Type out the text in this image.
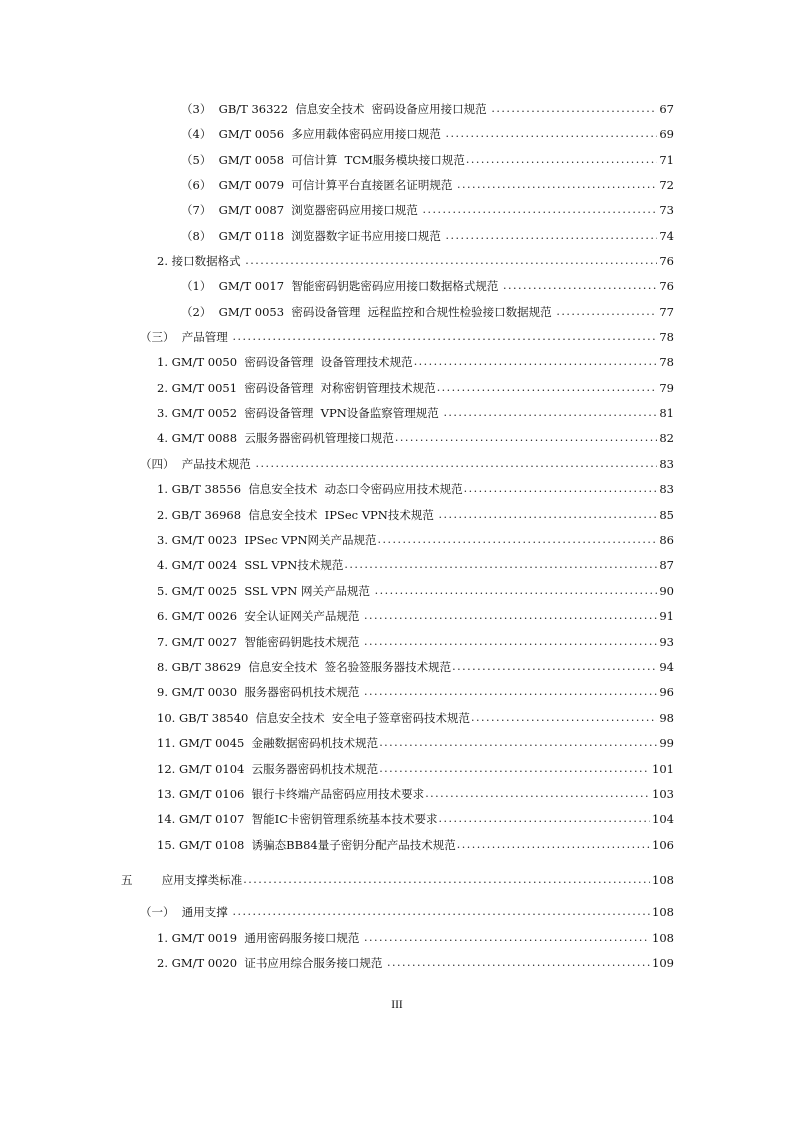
（3）  GB/T 36322  信息安全技术  密码设备应用接口规范 .....	67
（4）  GM/T 0056  多应用载体密码应用接口规范 .....	69
（5）  GM/T 0058  可信计算  TCM服务模块接口规范 .....	71
（6）  GM/T 0079  可信计算平台直接匿名证明规范 .....	72
（7）  GM/T 0087  浏览器密码应用接口规范 .....	73
（8）  GM/T 0118  浏览器数字证书应用接口规范 .....	74
2. 接口数据格式 .....	76
（1）  GM/T 0017  智能密码钥匙密码应用接口数据格式规范 .....	76
（2）  GM/T 0053  密码设备管理  远程监控和合规性检验接口数据规范 .....	77
（三）  产品管理 .....	78
1. GM/T 0050  密码设备管理  设备管理技术规范 .....	78
2. GM/T 0051  密码设备管理  对称密钥管理技术规范 .....	79
3. GM/T 0052  密码设备管理  VPN设备监察管理规范 .....	81
4. GM/T 0088  云服务器密码机管理接口规范 .....	82
（四）  产品技术规范 .....	83
1. GB/T 38556  信息安全技术  动态口令密码应用技术规范 .....	83
2. GB/T 36968  信息安全技术  IPSec VPN技术规范 .....	85
3. GM/T 0023  IPSec VPN网关产品规范 .....	86
4. GM/T 0024  SSL VPN技术规范 .....	87
5. GM/T 0025  SSL VPN 网关产品规范 .....	90
6. GM/T 0026  安全认证网关产品规范 .....	91
7. GM/T 0027  智能密码钥匙技术规范 .....	93
8. GB/T 38629  信息安全技术  签名验签服务器技术规范 .....	94
9. GM/T 0030  服务器密码机技术规范 .....	96
10. GB/T 38540  信息安全技术  安全电子签章密码技术规范 .....	98
11. GM/T 0045  金融数据密码机技术规范 .....	99
12. GM/T 0104  云服务器密码机技术规范 .....	101
13. GM/T 0106  银行卡终端产品密码应用技术要求 .....	103
14. GM/T 0107  智能IC卡密钥管理系统基本技术要求 .....	104
15. GM/T 0108  诱骗态BB84量子密钥分配产品技术规范 .....	106
五        应用支撑类标准 .....	108
（一）  通用支撑 .....	108
1. GM/T 0019  通用密码服务接口规范 .....	108
2. GM/T 0020  证书应用综合服务接口规范 .....	109
III
